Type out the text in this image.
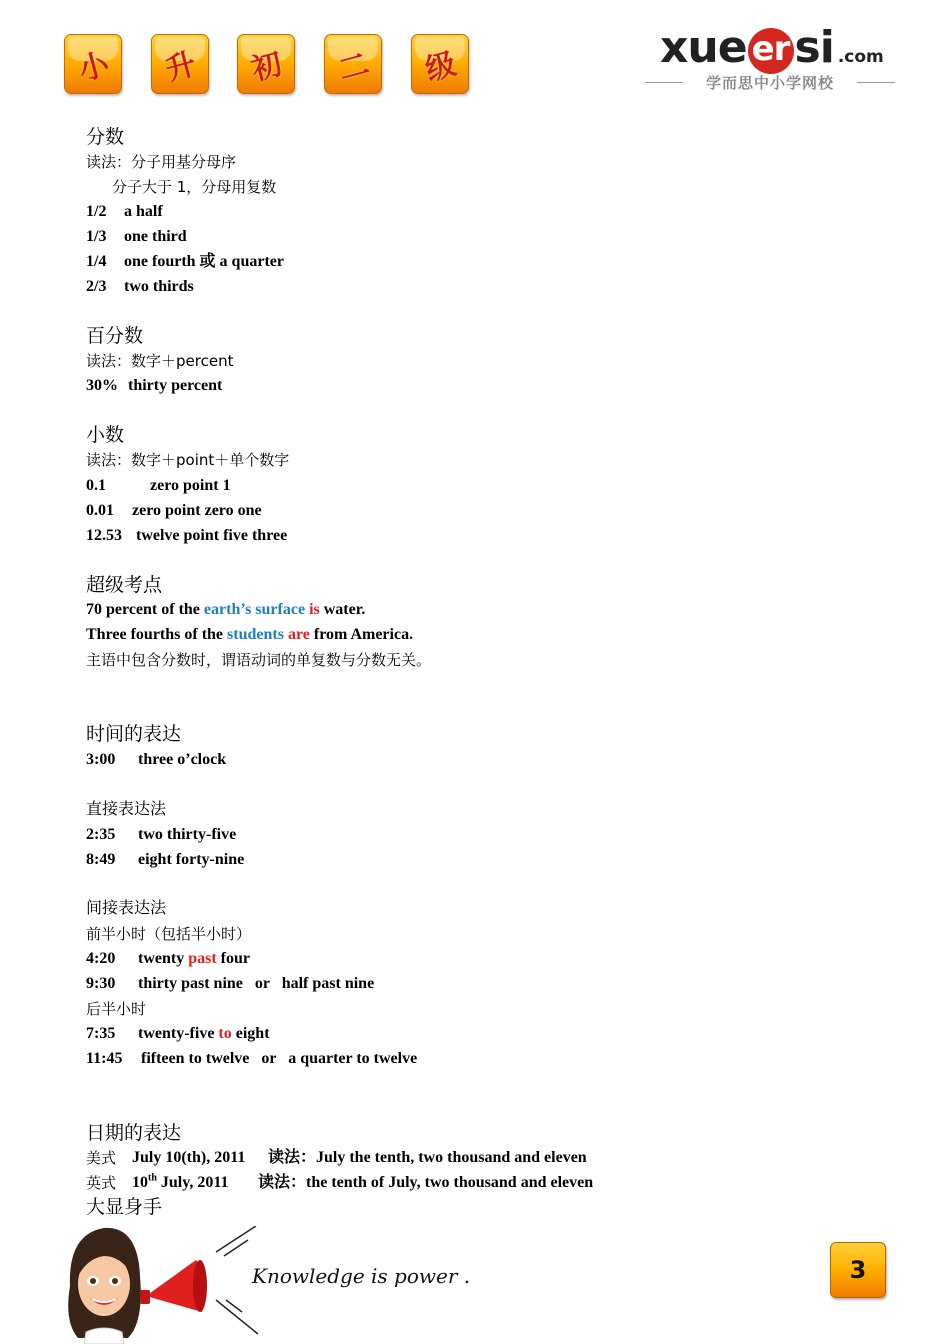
小 升 初 二 级	xue er si .com
学而思中小学网校
分数
读法：分子用基分母序
分子大于 1，分母用复数
1/2 a half
1/3 one third
1/4 one fourth 或 a quarter
2/3 two thirds
百分数
读法：数字＋percent
30% thirty percent
小数
读法：数字＋point＋单个数字
0.1	zero point 1
0.01 zero point zero one
12.53 twelve point five three
超级考点
70 percent of the earth’s surface is water.
Three fourths of the students are from America.
主语中包含分数时，谓语动词的单复数与分数无关。
时间的表达
3:00 three o’clock
直接表达法
2:35 two thirty-five
8:49 eight forty-nine
间接表达法
前半小时（包括半小时）
4:20 twenty past four
9:30 thirty past nine   or   half past nine
后半小时
7:35 twenty-five to eight
11:45 fifteen to twelve   or   a quarter to twelve
日期的表达
美式 July 10(th), 2011 读法：July the tenth, two thousand and eleven
英式 10th July, 2011 读法：the tenth of July, two thousand and eleven
大显身手
Knowledge is power .	3
